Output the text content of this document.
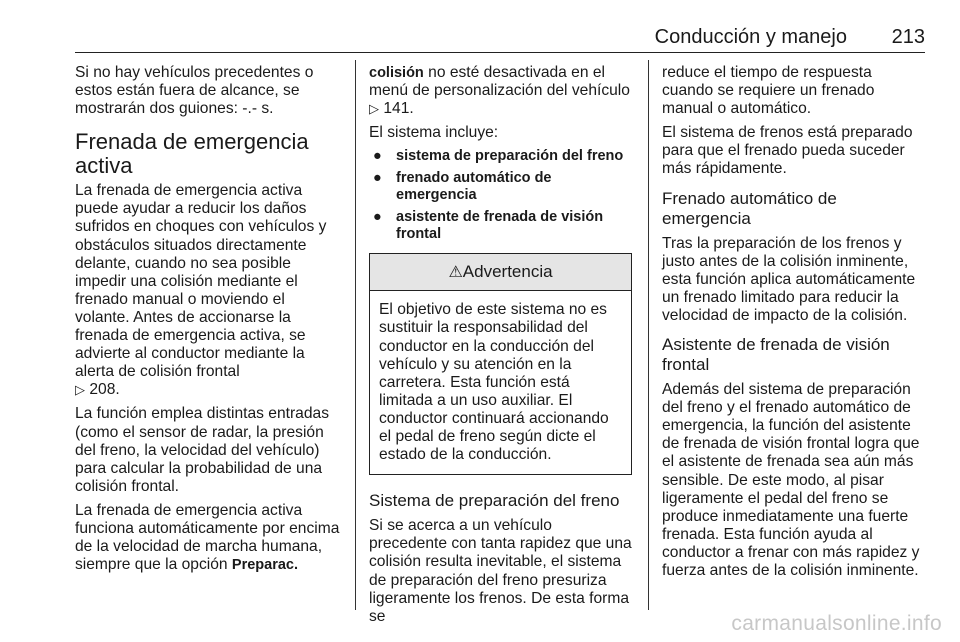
Conducción y manejo 213

Si no hay vehículos precedentes o estos están fuera de alcance, se mostrarán dos guiones: -.- s.

Frenada de emergencia activa

La frenada de emergencia activa puede ayudar a reducir los daños sufridos en choques con vehículos y obstáculos situados directamente delante, cuando no sea posible impedir una colisión mediante el frenado manual o moviendo el volante. Antes de accionarse la frenada de emergencia activa, se advierte al conductor mediante la alerta de colisión frontal
▷ 208.

La función emplea distintas entradas (como el sensor de radar, la presión del freno, la velocidad del vehículo) para calcular la probabilidad de una colisión frontal.

La frenada de emergencia activa funciona automáticamente por encima de la velocidad de marcha humana, siempre que la opción Preparac.

colisión no esté desactivada en el menú de personalización del vehículo
▷ 141.

El sistema incluye:

● sistema de preparación del freno
● frenado automático de emergencia
● asistente de frenada de visión frontal
⚠Advertencia
El objetivo de este sistema no es sustituir la responsabilidad del conductor en la conducción del vehículo y su atención en la carretera. Esta función está limitada a un uso auxiliar. El conductor continuará accionando el pedal de freno según dicte el estado de la conducción.
Sistema de preparación del freno

Si se acerca a un vehículo precedente con tanta rapidez que una colisión resulta inevitable, el sistema de preparación del freno presuriza ligeramente los frenos. De esta forma se

reduce el tiempo de respuesta cuando se requiere un frenado manual o automático.

El sistema de frenos está preparado para que el frenado pueda suceder más rápidamente.

Frenado automático de emergencia

Tras la preparación de los frenos y justo antes de la colisión inminente, esta función aplica automáticamente un frenado limitado para reducir la velocidad de impacto de la colisión.

Asistente de frenada de visión frontal

Además del sistema de preparación del freno y el frenado automático de emergencia, la función del asistente de frenada de visión frontal logra que el asistente de frenada sea aún más sensible. De este modo, al pisar ligeramente el pedal del freno se produce inmediatamente una fuerte frenada. Esta función ayuda al conductor a frenar con más rapidez y fuerza antes de la colisión inminente.

carmanualsonline.info
